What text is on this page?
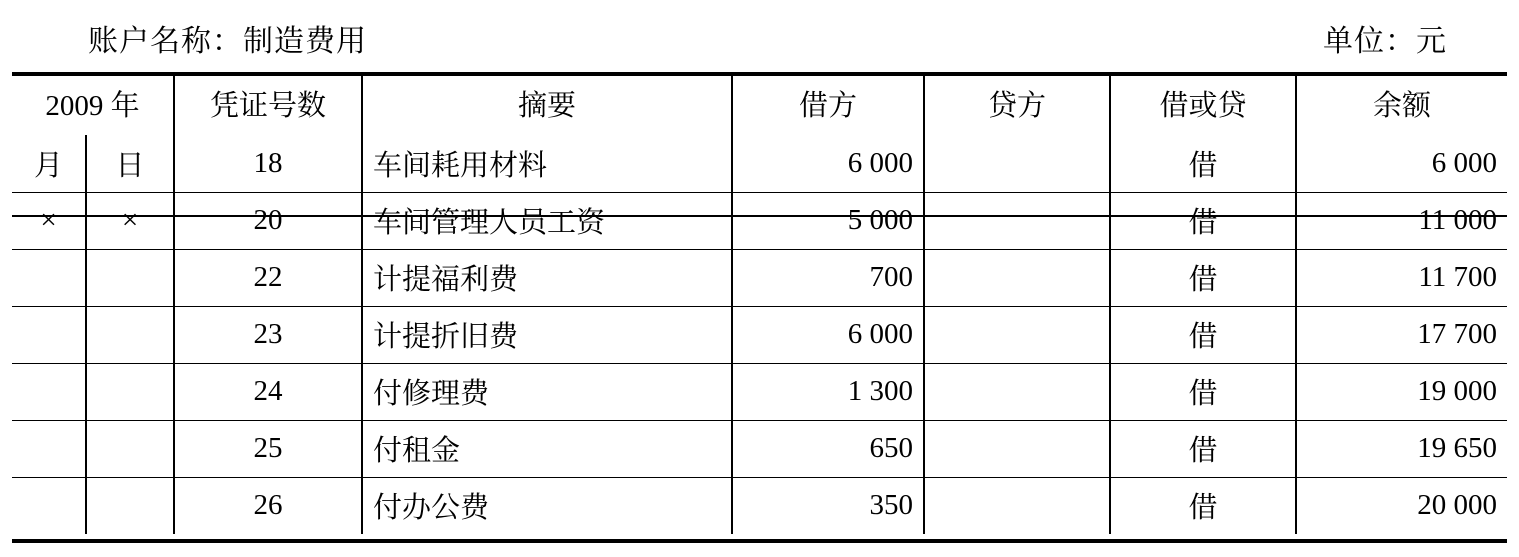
账户名称：制造费用	单位：元
2009 年		凭证号数	摘要	借方	贷方	借或贷	余额
月	日	18	车间耗用材料	6 000		借	6 000
×	×	20	车间管理人员工资	5 000		借	11 000
		22	计提福利费	700		借	11 700
		23	计提折旧费	6 000		借	17 700
		24	付修理费	1 300		借	19 000
		25	付租金	650		借	19 650
		26	付办公费	350		借	20 000
